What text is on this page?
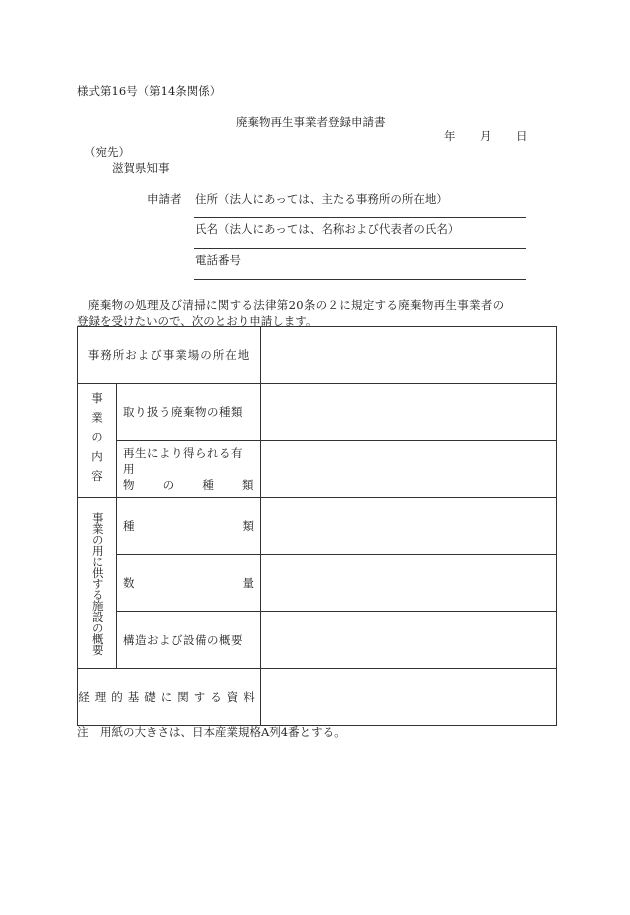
様式第16号（第14条関係）
廃棄物再生事業者登録申請書
年 月 日
（宛先）
滋賀県知事
申請者 住所（法人にあっては、主たる事務所の所在地）
氏名（法人にあっては、名称および代表者の氏名）
電話番号
廃棄物の処理及び清掃に関する法律第20条の２に規定する廃棄物再生事業者の
登録を受けたいので、次のとおり申請します。
事務所および事業場の所在地		

事業の内容	取り扱う廃棄物の種類	

	再生により得られる有用
物 の 種 類	

事業の用に供する施設の概要	種 類	

	数 量	

	構造および設備の概要	
経理的基礎に関する資料		
注　用紙の大きさは、日本産業規格A列4番とする。
